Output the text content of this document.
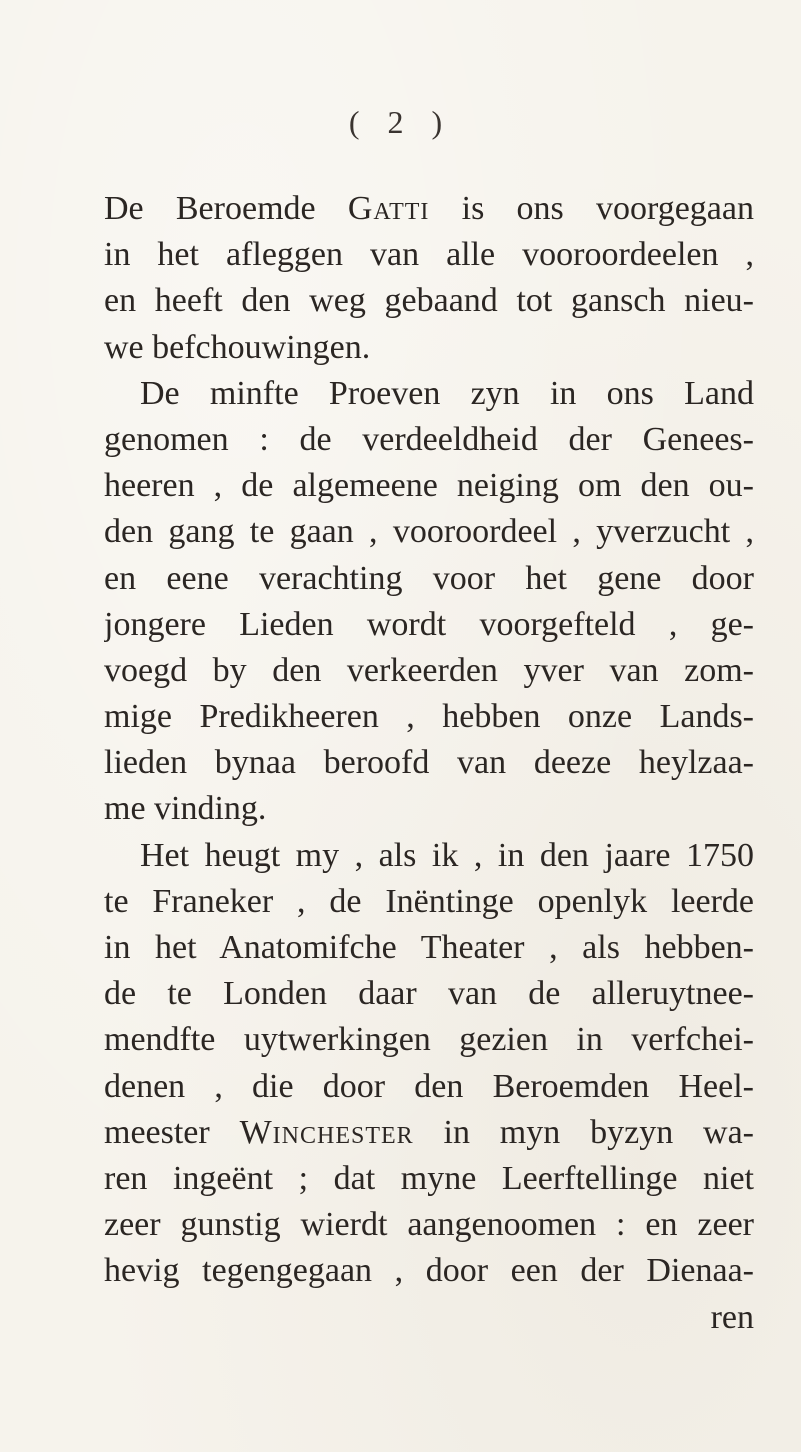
( 2 )
De Beroemde Gatti is ons voorgegaan
in het afleggen van alle vooroordeelen ,
en heeft den weg gebaand tot gansch nieu-
we befchouwingen.
De minfte Proeven zyn in ons Land
genomen : de verdeeldheid der Genees-
heeren , de algemeene neiging om den ou-
den gang te gaan , vooroordeel , yverzucht ,
en eene verachting voor het gene door
jongere Lieden wordt voorgefteld , ge-
voegd by den verkeerden yver van zom-
mige Predikheeren , hebben onze Lands-
lieden bynaa beroofd van deeze heylzaa-
me vinding.
Het heugt my , als ik , in den jaare 1750
te Franeker , de Inëntinge openlyk leerde
in het Anatomifche Theater , als hebben-
de te Londen daar van de alleruytnee-
mendfte uytwerkingen gezien in verfchei-
denen , die door den Beroemden Heel-
meester Winchester in myn byzyn wa-
ren ingeënt ; dat myne Leerftellinge niet
zeer gunstig wierdt aangenoomen : en zeer
hevig tegengegaan , door een der Dienaa-
ren
